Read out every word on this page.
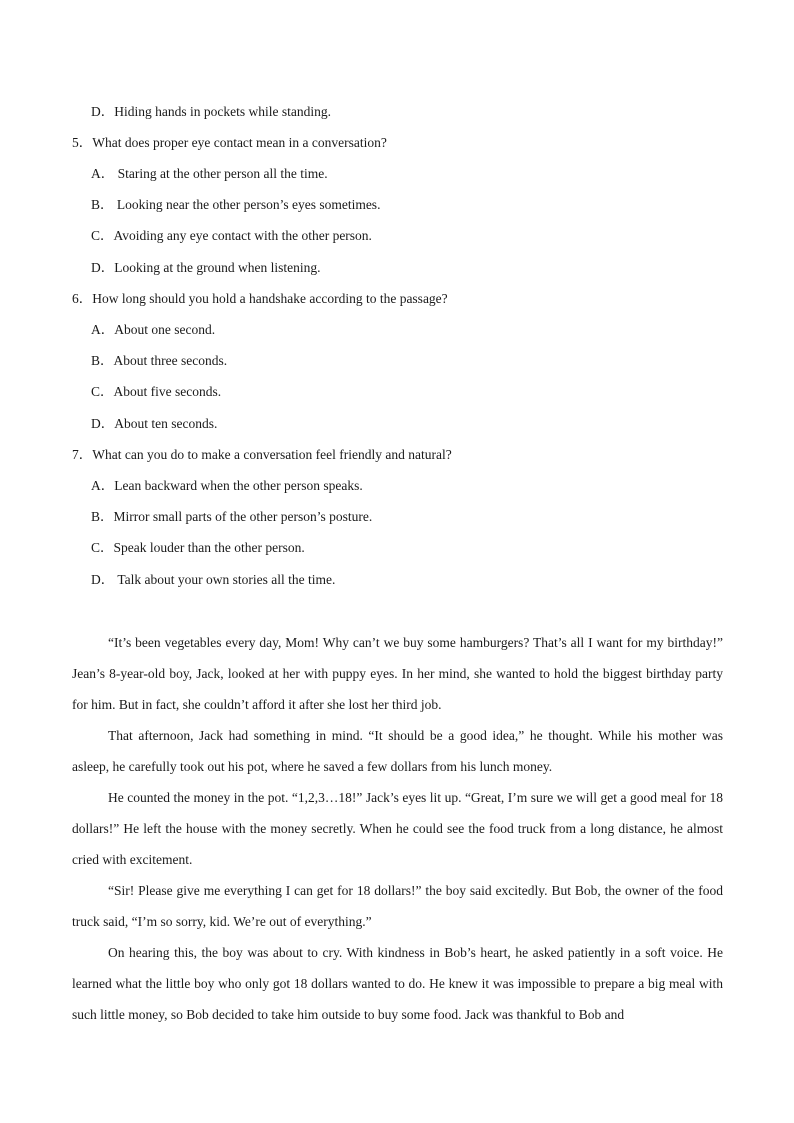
D．Hiding hands in pockets while standing.
5．What does proper eye contact mean in a conversation?
A． Staring at the other person all the time.
B． Looking near the other person’s eyes sometimes.
C．Avoiding any eye contact with the other person.
D．Looking at the ground when listening.
6．How long should you hold a handshake according to the passage?
A．About one second.
B．About three seconds.
C．About five seconds.
D．About ten seconds.
7．What can you do to make a conversation feel friendly and natural?
A．Lean backward when the other person speaks.
B．Mirror small parts of the other person’s posture.
C．Speak louder than the other person.
D． Talk about your own stories all the time.

“It’s been vegetables every day, Mom! Why can’t we buy some hamburgers? That’s all I want for my birthday!” Jean’s 8-year-old boy, Jack, looked at her with puppy eyes. In her mind, she wanted to hold the biggest birthday party for him. But in fact, she couldn’t afford it after she lost her third job.

That afternoon, Jack had something in mind. “It should be a good idea,” he thought. While his mother was asleep, he carefully took out his pot, where he saved a few dollars from his lunch money.

He counted the money in the pot. “1,2,3…18!” Jack’s eyes lit up. “Great, I’m sure we will get a good meal for 18 dollars!” He left the house with the money secretly. When he could see the food truck from a long distance, he almost cried with excitement.

“Sir! Please give me everything I can get for 18 dollars!” the boy said excitedly. But Bob, the owner of the food truck said, “I’m so sorry, kid. We’re out of everything.”

On hearing this, the boy was about to cry. With kindness in Bob’s heart, he asked patiently in a soft voice. He learned what the little boy who only got 18 dollars wanted to do. He knew it was impossible to prepare a big meal with such little money, so Bob decided to take him outside to buy some food. Jack was thankful to Bob and
